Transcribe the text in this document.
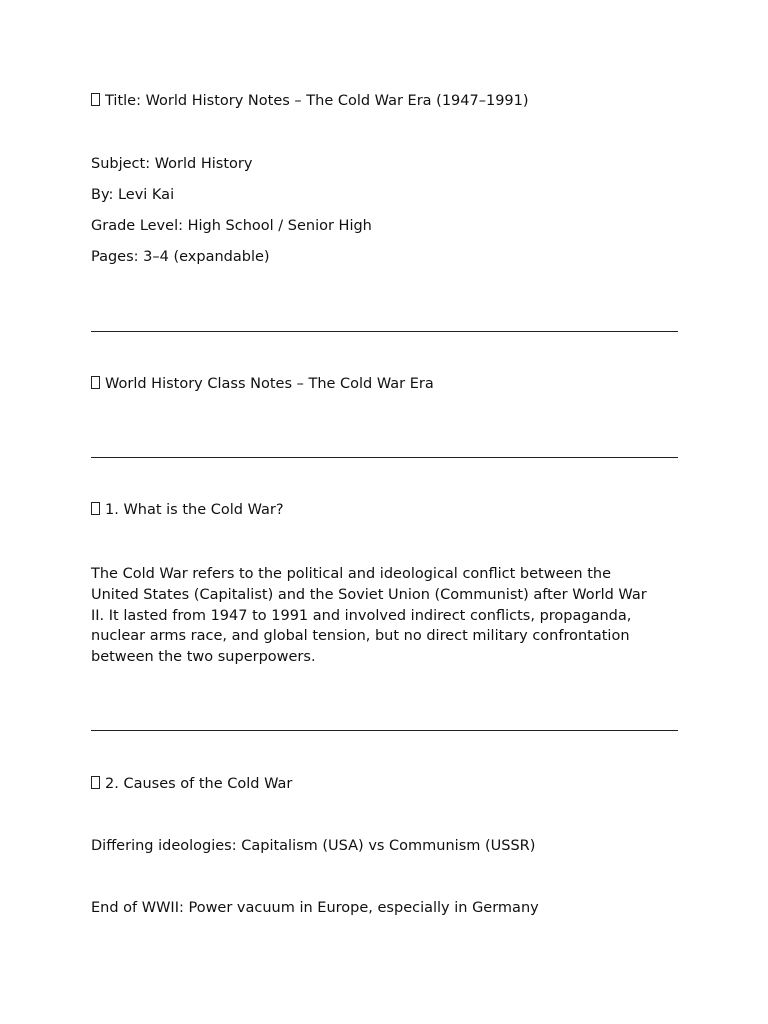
Title: World History Notes – The Cold War Era (1947–1991)
Subject: World History
By: Levi Kai
Grade Level: High School / Senior High
Pages: 3–4 (expandable)
World History Class Notes – The Cold War Era
1. What is the Cold War?
The Cold War refers to the political and ideological conflict between the
United States (Capitalist) and the Soviet Union (Communist) after World War
II. It lasted from 1947 to 1991 and involved indirect conflicts, propaganda,
nuclear arms race, and global tension, but no direct military confrontation
between the two superpowers.
2. Causes of the Cold War
Differing ideologies: Capitalism (USA) vs Communism (USSR)
End of WWII: Power vacuum in Europe, especially in Germany
